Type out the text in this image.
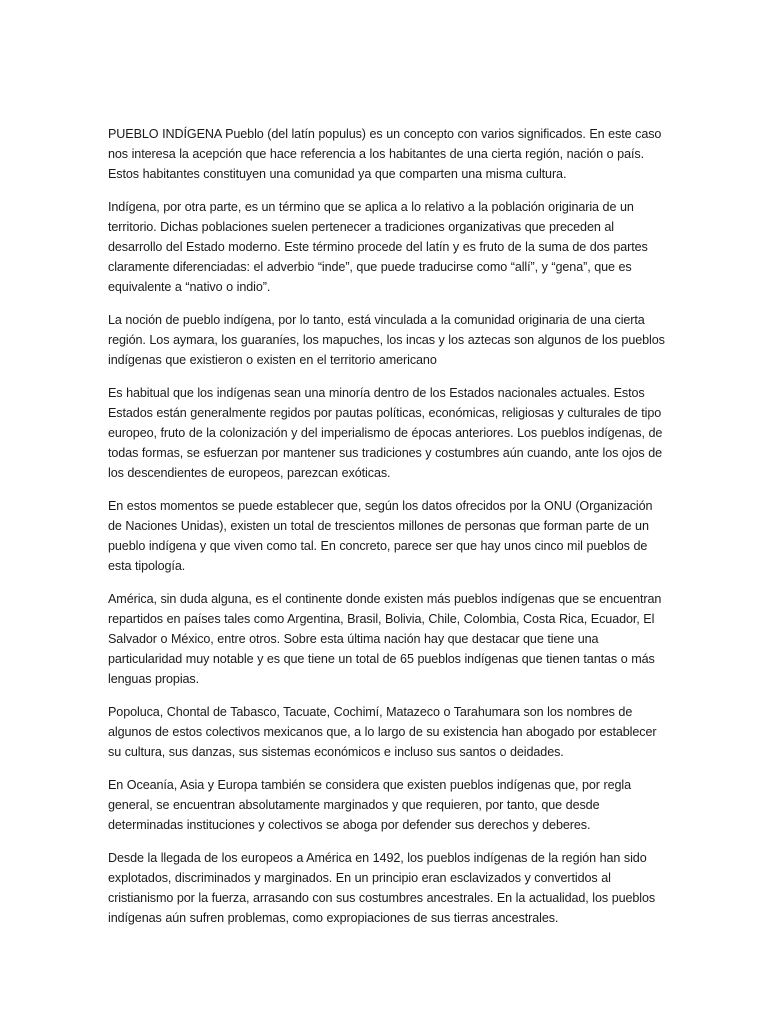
PUEBLO INDÍGENA Pueblo (del latín populus) es un concepto con varios significados. En este caso nos interesa la acepción que hace referencia a los habitantes de una cierta región, nación o país. Estos habitantes constituyen una comunidad ya que comparten una misma cultura.

Indígena, por otra parte, es un término que se aplica a lo relativo a la población originaria de un territorio. Dichas poblaciones suelen pertenecer a tradiciones organizativas que preceden al desarrollo del Estado moderno. Este término procede del latín y es fruto de la suma de dos partes claramente diferenciadas: el adverbio “inde”, que puede traducirse como “allí”, y “gena”, que es equivalente a “nativo o indio”.

La noción de pueblo indígena, por lo tanto, está vinculada a la comunidad originaria de una cierta región. Los aymara, los guaraníes, los mapuches, los incas y los aztecas son algunos de los pueblos indígenas que existieron o existen en el territorio americano

Es habitual que los indígenas sean una minoría dentro de los Estados nacionales actuales. Estos Estados están generalmente regidos por pautas políticas, económicas, religiosas y culturales de tipo europeo, fruto de la colonización y del imperialismo de épocas anteriores. Los pueblos indígenas, de todas formas, se esfuerzan por mantener sus tradiciones y costumbres aún cuando, ante los ojos de los descendientes de europeos, parezcan exóticas.

En estos momentos se puede establecer que, según los datos ofrecidos por la ONU (Organización de Naciones Unidas), existen un total de trescientos millones de personas que forman parte de un pueblo indígena y que viven como tal. En concreto, parece ser que hay unos cinco mil pueblos de esta tipología.

América, sin duda alguna, es el continente donde existen más pueblos indígenas que se encuentran repartidos en países tales como Argentina, Brasil, Bolivia, Chile, Colombia, Costa Rica, Ecuador, El Salvador o México, entre otros. Sobre esta última nación hay que destacar que tiene una particularidad muy notable y es que tiene un total de 65 pueblos indígenas que tienen tantas o más lenguas propias.

Popoluca, Chontal de Tabasco, Tacuate, Cochimí, Matazeco o Tarahumara son los nombres de algunos de estos colectivos mexicanos que, a lo largo de su existencia han abogado por establecer su cultura, sus danzas, sus sistemas económicos e incluso sus santos o deidades.

En Oceanía, Asia y Europa también se considera que existen pueblos indígenas que, por regla general, se encuentran absolutamente marginados y que requieren, por tanto, que desde determinadas instituciones y colectivos se aboga por defender sus derechos y deberes.

Desde la llegada de los europeos a América en 1492, los pueblos indígenas de la región han sido explotados, discriminados y marginados. En un principio eran esclavizados y convertidos al cristianismo por la fuerza, arrasando con sus costumbres ancestrales. En la actualidad, los pueblos indígenas aún sufren problemas, como expropiaciones de sus tierras ancestrales.
